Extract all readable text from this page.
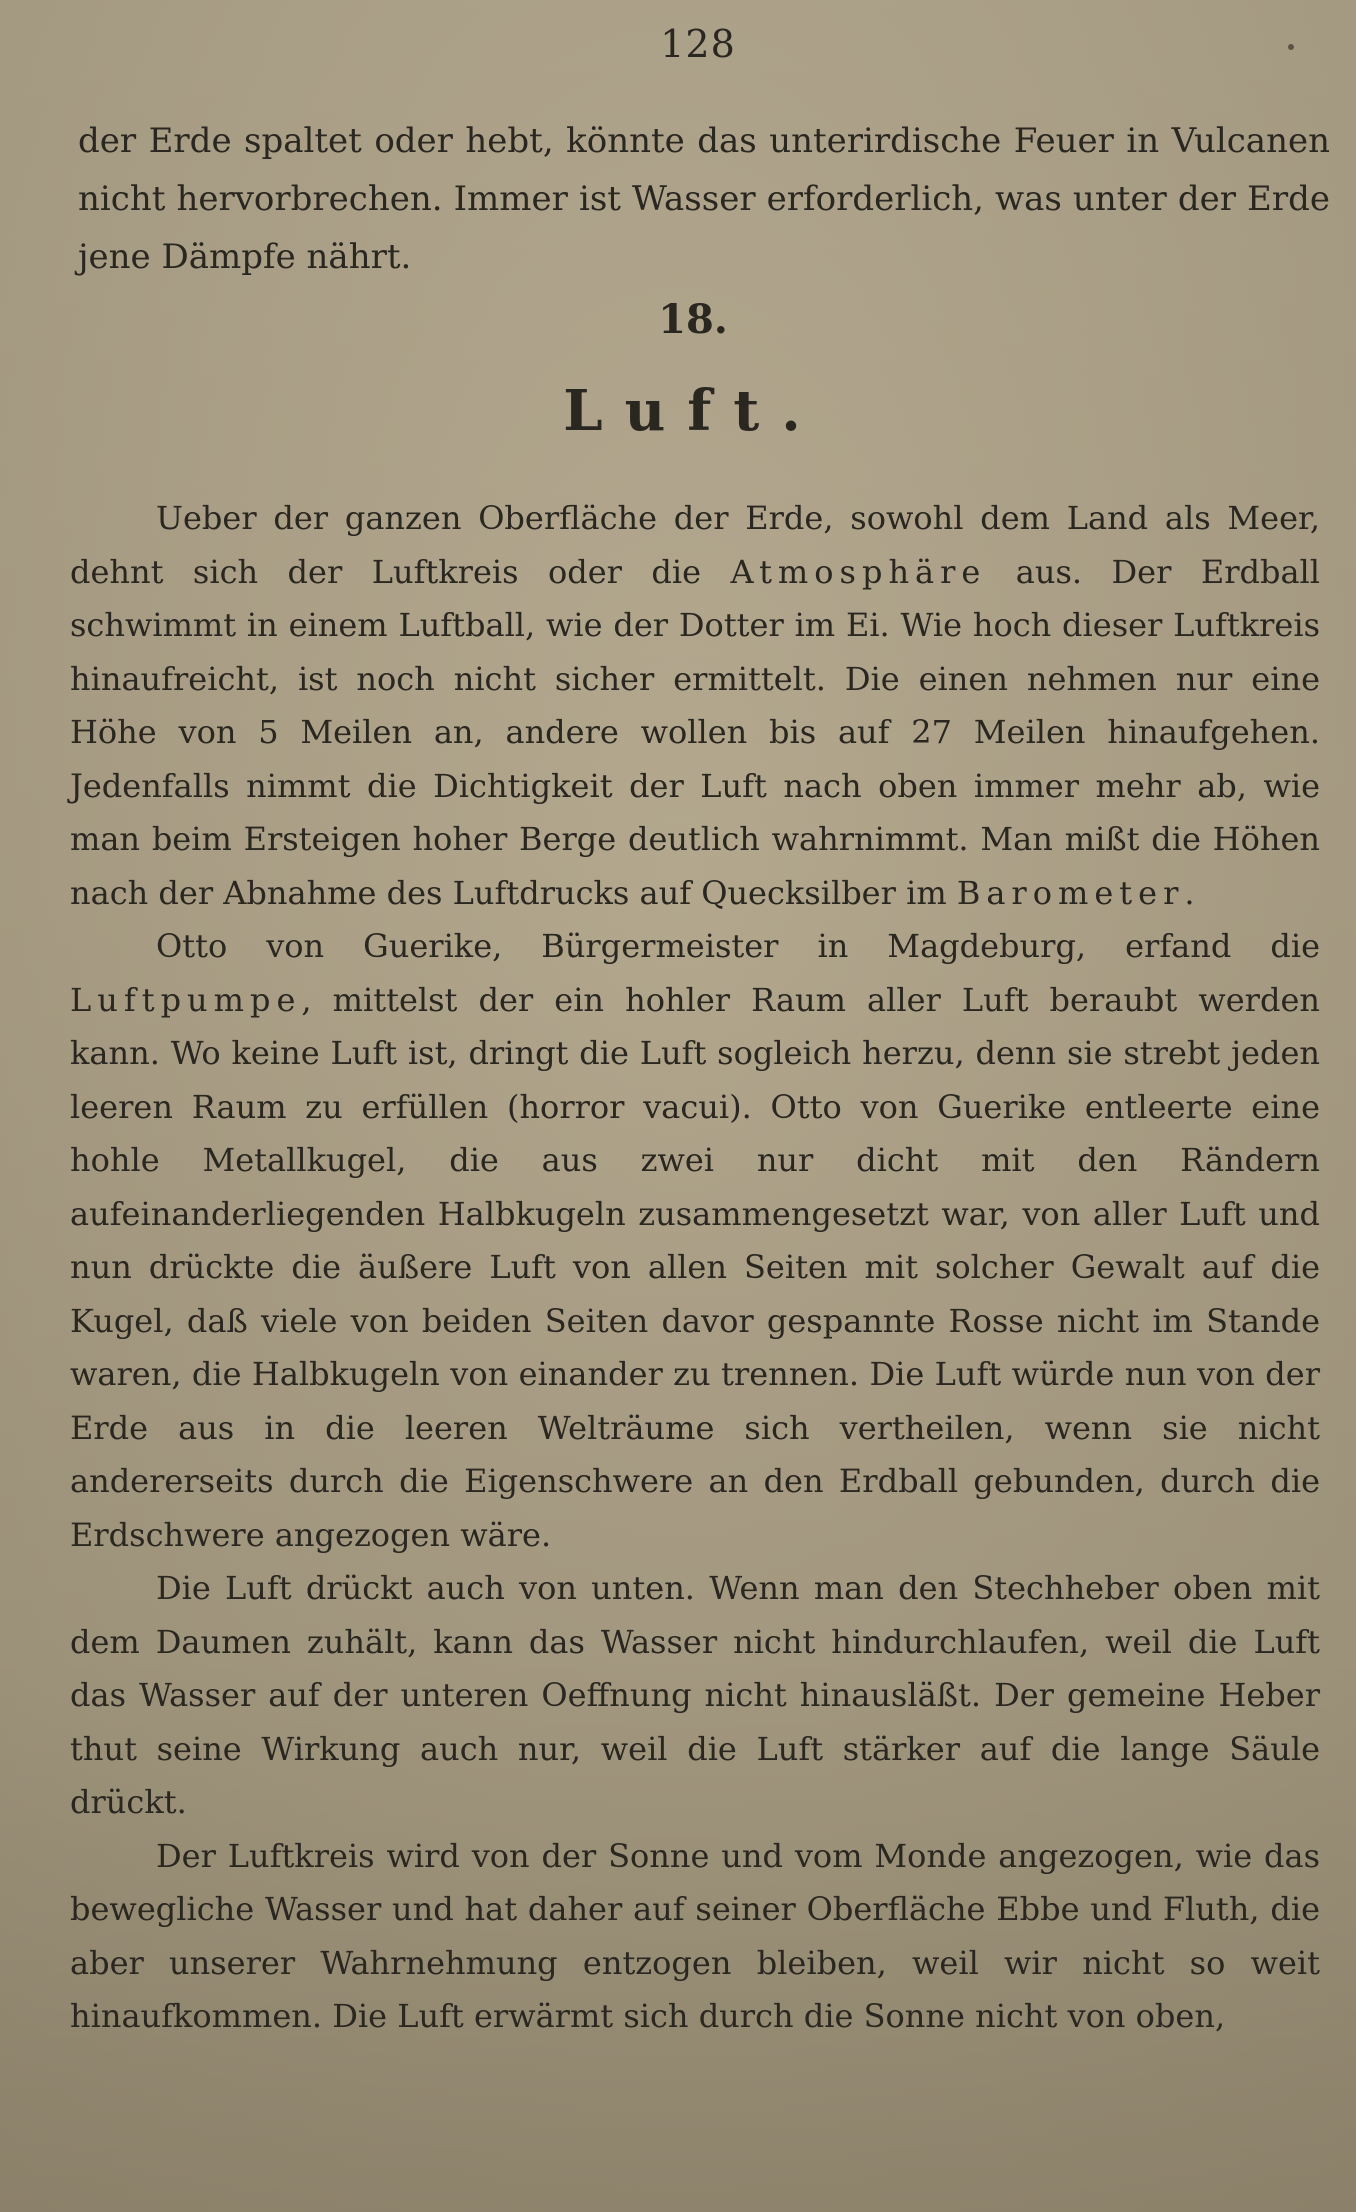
128
der Erde spaltet oder hebt, könnte das unterirdische Feuer in Vulcanen nicht hervorbrechen. Immer ist Wasser erforderlich, was unter der Erde jene Dämpfe nährt.
18.
Luft.

Ueber der ganzen Oberfläche der Erde, sowohl dem Land als Meer, dehnt sich der Luftkreis oder die Atmosphäre aus. Der Erdball schwimmt in einem Luftball, wie der Dotter im Ei. Wie hoch dieser Luftkreis hinaufreicht, ist noch nicht sicher ermittelt. Die einen nehmen nur eine Höhe von 5 Meilen an, andere wollen bis auf 27 Meilen hinaufgehen. Jedenfalls nimmt die Dichtigkeit der Luft nach oben immer mehr ab, wie man beim Ersteigen hoher Berge deutlich wahrnimmt. Man mißt die Höhen nach der Abnahme des Luftdrucks auf Quecksilber im Barometer.

Otto von Guerike, Bürgermeister in Magdeburg, erfand die Luftpumpe, mittelst der ein hohler Raum aller Luft beraubt werden kann. Wo keine Luft ist, dringt die Luft sogleich herzu, denn sie strebt jeden leeren Raum zu erfüllen (horror vacui). Otto von Guerike entleerte eine hohle Metallkugel, die aus zwei nur dicht mit den Rändern aufeinanderliegenden Halbkugeln zusammengesetzt war, von aller Luft und nun drückte die äußere Luft von allen Seiten mit solcher Gewalt auf die Kugel, daß viele von beiden Seiten davor gespannte Rosse nicht im Stande waren, die Halbkugeln von einander zu trennen. Die Luft würde nun von der Erde aus in die leeren Welträume sich vertheilen, wenn sie nicht andererseits durch die Eigenschwere an den Erdball gebunden, durch die Erdschwere angezogen wäre.

Die Luft drückt auch von unten. Wenn man den Stechheber oben mit dem Daumen zuhält, kann das Wasser nicht hindurchlaufen, weil die Luft das Wasser auf der unteren Oeffnung nicht hinausläßt. Der gemeine Heber thut seine Wirkung auch nur, weil die Luft stärker auf die lange Säule drückt.

Der Luftkreis wird von der Sonne und vom Monde angezogen, wie das bewegliche Wasser und hat daher auf seiner Oberfläche Ebbe und Fluth, die aber unserer Wahrnehmung entzogen bleiben, weil wir nicht so weit hinaufkommen. Die Luft erwärmt sich durch die Sonne nicht von oben,
